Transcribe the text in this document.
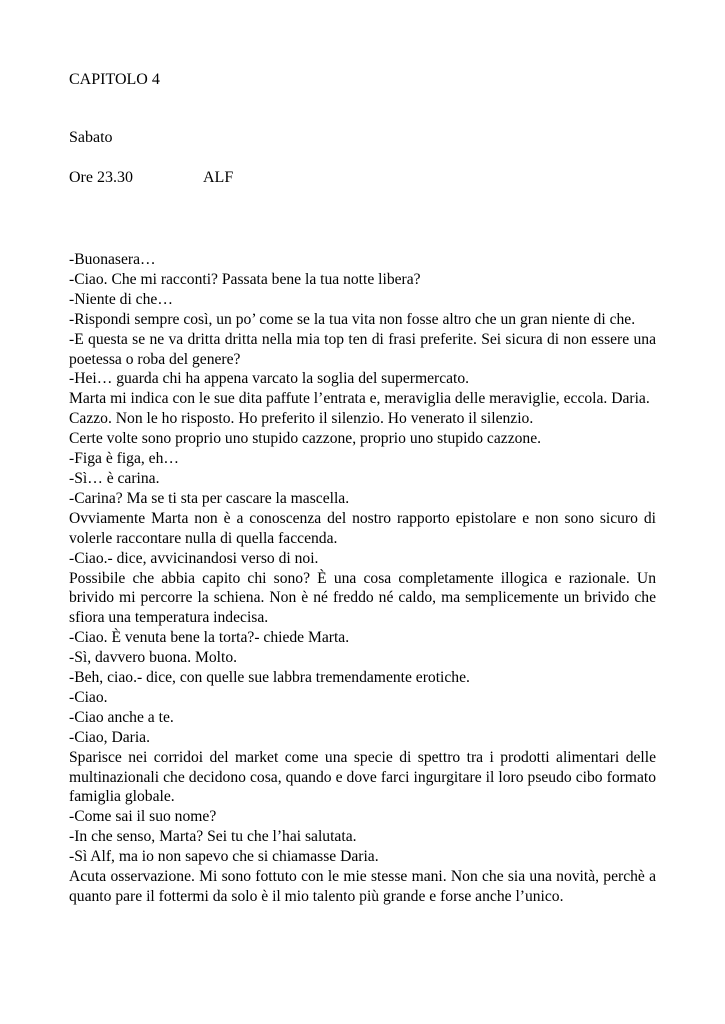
CAPITOLO 4
Sabato
Ore 23.30	ALF

-Buonasera…

-Ciao. Che mi racconti? Passata bene la tua notte libera?

-Niente di che…

-Rispondi sempre così, un po’ come se la tua vita non fosse altro che un gran niente di che.

-E questa se ne va dritta dritta nella mia top ten di frasi preferite. Sei sicura di non essere una poetessa o roba del genere?

-Hei… guarda chi ha appena varcato la soglia del supermercato.

Marta mi indica con le sue dita paffute l’entrata e, meraviglia delle meraviglie, eccola. Daria.

Cazzo. Non le ho risposto. Ho preferito il silenzio. Ho venerato il silenzio.

Certe volte sono proprio uno stupido cazzone, proprio uno stupido cazzone.

-Figa è figa, eh…

-Sì… è carina.

-Carina? Ma se ti sta per cascare la mascella.

Ovviamente Marta non è a conoscenza del nostro rapporto epistolare e non sono sicuro di volerle raccontare nulla di quella faccenda.

-Ciao.- dice, avvicinandosi verso di noi.

Possibile che abbia capito chi sono? È una cosa completamente illogica e razionale. Un brivido mi percorre la schiena. Non è né freddo né caldo, ma semplicemente un brivido che sfiora una temperatura indecisa.

-Ciao. È venuta bene la torta?- chiede Marta.

-Sì, davvero buona. Molto.

-Beh, ciao.- dice, con quelle sue labbra tremendamente erotiche.

-Ciao.

-Ciao anche a te.

-Ciao, Daria.

Sparisce nei corridoi del market come una specie di spettro tra i prodotti alimentari delle multinazionali che decidono cosa, quando e dove farci ingurgitare il loro pseudo cibo formato famiglia globale.

-Come sai il suo nome?

-In che senso, Marta? Sei tu che l’hai salutata.

-Sì Alf, ma io non sapevo che si chiamasse Daria.

Acuta osservazione. Mi sono fottuto con le mie stesse mani. Non che sia una novità, perchè a quanto pare il fottermi da solo è il mio talento più grande e forse anche l’unico.
